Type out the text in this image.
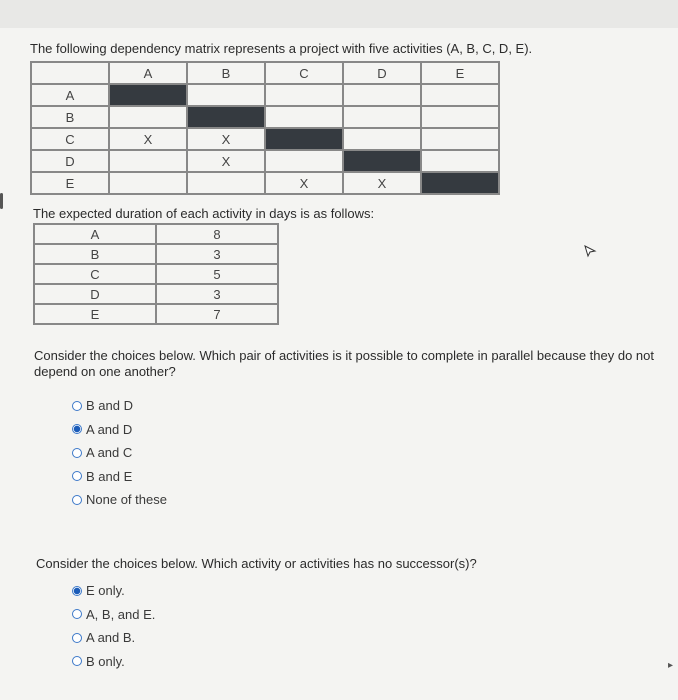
The following dependency matrix represents a project with five activities (A, B, C, D, E).

	A	B	C	D	E
A					
B					
C	X	X			
D		X			
E			X	X	

The expected duration of each activity in days is as follows:

A	8
B	3
C	5
D	3
E	7

Consider the choices below. Which pair of activities is it possible to complete in parallel because they do not depend on one another?

B and D
A and D
A and C
B and E
None of these

Consider the choices below. Which activity or activities has no successor(s)?

E only.
A, B, and E.
A and B.
B only.	▸
